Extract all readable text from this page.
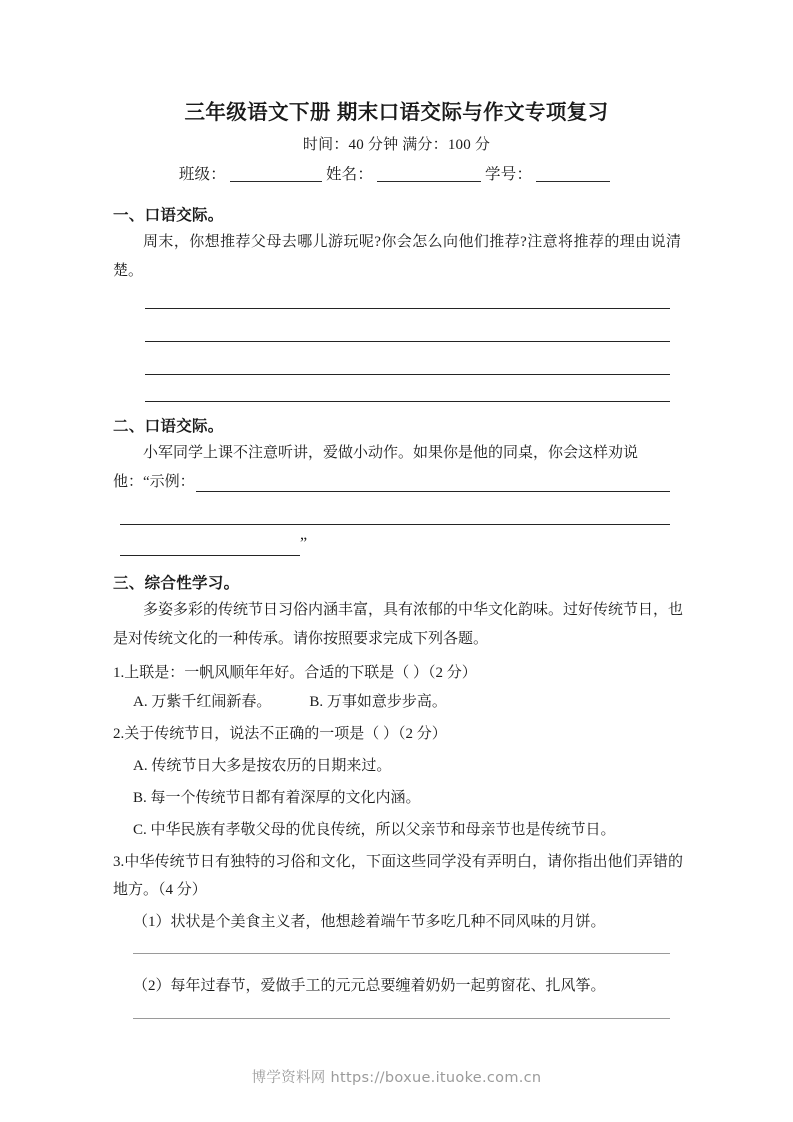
三年级语文下册 期末口语交际与作文专项复习
时间：40 分钟 满分：100 分
班级：	姓名：	学号：
一、口语交际。
周末，你想推荐父母去哪儿游玩呢?你会怎么向他们推荐?注意将推荐的理由说清楚。
二、口语交际。
小军同学上课不注意听讲，爱做小动作。如果你是他的同桌，你会这样劝说
他：“示例：
”
三、综合性学习。
多姿多彩的传统节日习俗内涵丰富，具有浓郁的中华文化韵味。过好传统节日，也是对传统文化的一种传承。请你按照要求完成下列各题。
1.上联是：一帆风顺年年好。合适的下联是（ ）（2 分）
A. 万紫千红闹新春。	B. 万事如意步步高。
2.关于传统节日，说法不正确的一项是（ ）（2 分）
A. 传统节日大多是按农历的日期来过。
B. 每一个传统节日都有着深厚的文化内涵。
C. 中华民族有孝敬父母的优良传统，所以父亲节和母亲节也是传统节日。
3.中华传统节日有独特的习俗和文化，下面这些同学没有弄明白，请你指出他们弄错的地方。（4 分）
（1）状状是个美食主义者，他想趁着端午节多吃几种不同风味的月饼。
（2）每年过春节，爱做手工的元元总要缠着奶奶一起剪窗花、扎风筝。
博学资料网 https://boxue.ituoke.com.cn
